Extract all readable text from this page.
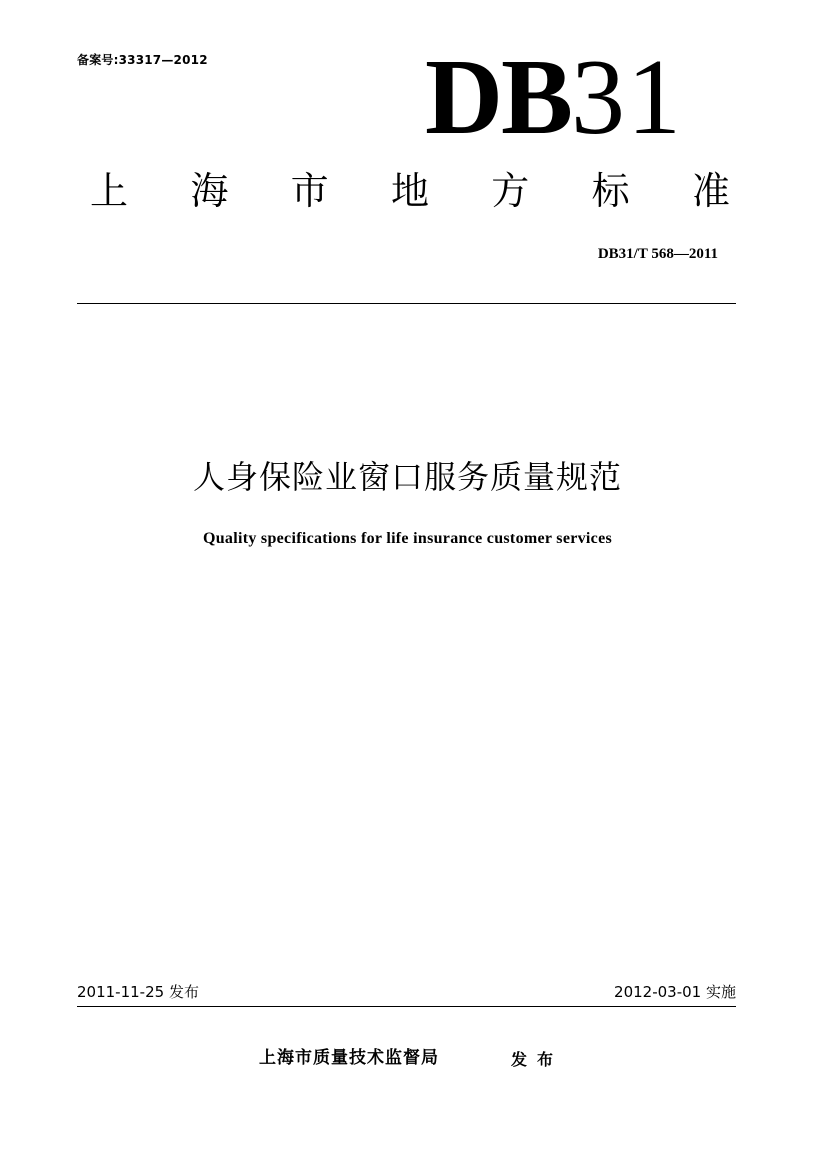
备案号:33317—2012 DB31
上 海 市 地 方 标 准
DB31/T 568—2011
人身保险业窗口服务质量规范
Quality specifications for life insurance customer services
2011-11-25 发布	2012-03-01 实施
上海市质量技术监督局	发布
